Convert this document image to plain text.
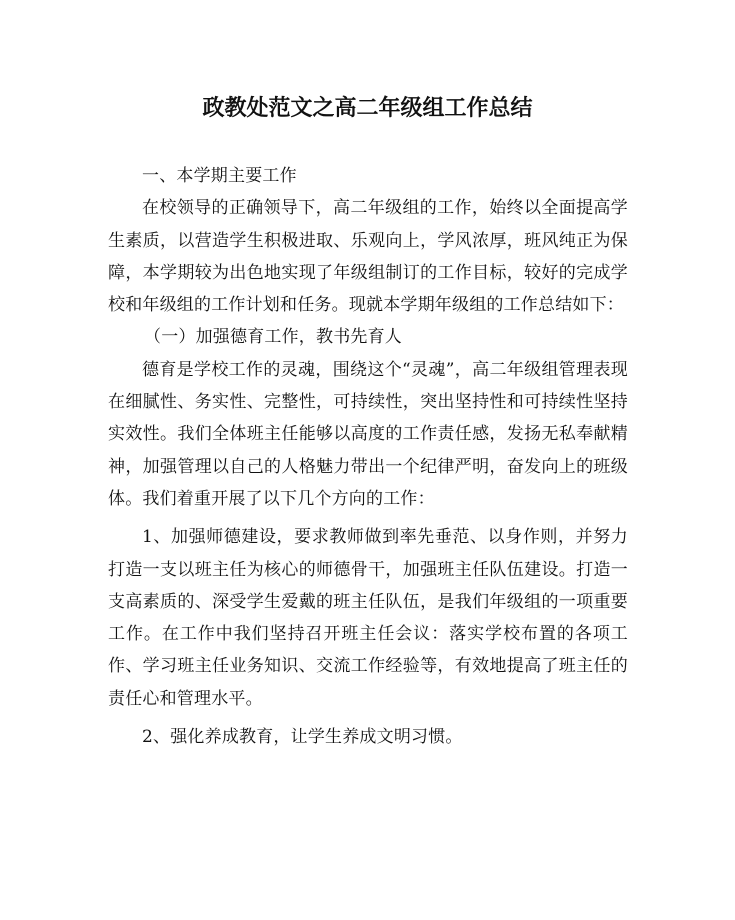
政教处范文之高二年级组工作总结

一、本学期主要工作

在校领导的正确领导下，高二年级组的工作，始终以全面提高学生素质，以营造学生积极进取、乐观向上，学风浓厚，班风纯正为保障，本学期较为出色地实现了年级组制订的工作目标，较好的完成学校和年级组的工作计划和任务。现就本学期年级组的工作总结如下：

（一）加强德育工作，教书先育人

德育是学校工作的灵魂，围绕这个“灵魂”，高二年级组管理表现在细腻性、务实性、完整性，可持续性，突出坚持性和可持续性坚持实效性。我们全体班主任能够以高度的工作责任感，发扬无私奉献精神，加强管理以自己的人格魅力带出一个纪律严明，奋发向上的班级体。我们着重开展了以下几个方向的工作：

1、加强师德建设，要求教师做到率先垂范、以身作则，并努力打造一支以班主任为核心的师德骨干，加强班主任队伍建设。打造一支高素质的、深受学生爱戴的班主任队伍，是我们年级组的一项重要工作。在工作中我们坚持召开班主任会议：落实学校布置的各项工作、学习班主任业务知识、交流工作经验等，有效地提高了班主任的责任心和管理水平。

2、强化养成教育，让学生养成文明习惯。
